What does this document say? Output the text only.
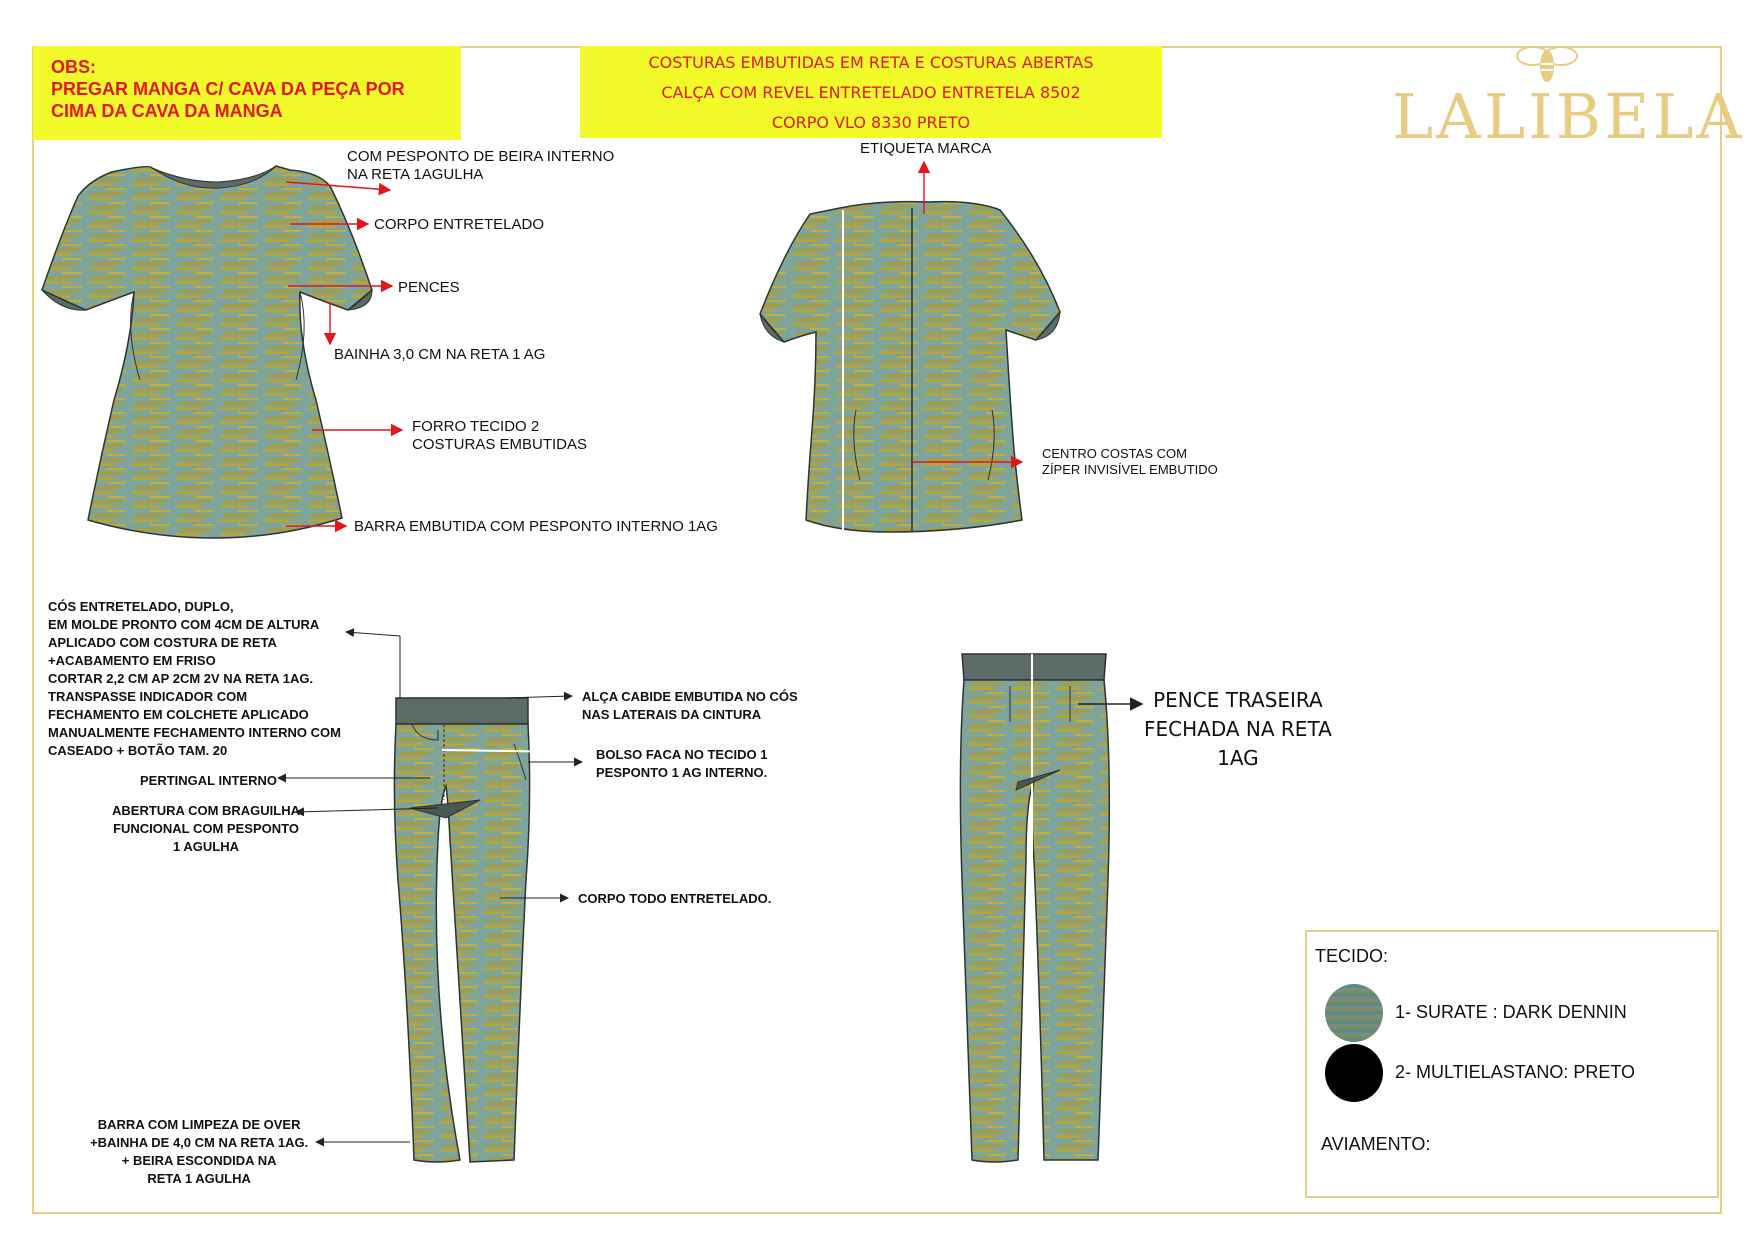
OBS:
PREGAR MANGA C/ CAVA DA PEÇA POR
CIMA DA CAVA DA MANGA
COSTURAS EMBUTIDAS EM RETA E COSTURAS ABERTAS
CALÇA COM REVEL ENTRETELADO ENTRETELA 8502
CORPO VLO 8330 PRETO	LALIBELA
COM PESPONTO DE BEIRA INTERNO
NA RETA 1AGULHA
CORPO ENTRETELADO
PENCES
BAINHA 3,0 CM NA RETA 1 AG
FORRO TECIDO 2
COSTURAS EMBUTIDAS
BARRA EMBUTIDA COM PESPONTO INTERNO 1AG
ETIQUETA MARCA
CENTRO COSTAS COM
ZÍPER INVISÍVEL EMBUTIDO
CÓS ENTRETELADO, DUPLO,
EM MOLDE PRONTO COM 4CM DE ALTURA
APLICADO COM COSTURA DE RETA
+ACABAMENTO EM FRISO
CORTAR 2,2 CM AP 2CM 2V NA RETA 1AG.
TRANSPASSE INDICADOR COM
FECHAMENTO EM COLCHETE APLICADO
MANUALMENTE FECHAMENTO INTERNO COM
CASEADO + BOTÃO TAM. 20
PERTINGAL INTERNO
ABERTURA COM BRAGUILHA
FUNCIONAL COM PESPONTO
1 AGULHA
ALÇA CABIDE EMBUTIDA NO CÓS
NAS LATERAIS DA CINTURA
BOLSO FACA NO TECIDO 1
PESPONTO 1 AG INTERNO.
CORPO TODO ENTRETELADO.
BARRA COM LIMPEZA DE OVER
+BAINHA DE 4,0 CM NA RETA 1AG.
+ BEIRA ESCONDIDA NA
RETA 1 AGULHA
PENCE TRASEIRA
FECHADA NA RETA
1AG
TECIDO:
1- SURATE : DARK DENNIN
2- MULTIELASTANO: PRETO
AVIAMENTO:
